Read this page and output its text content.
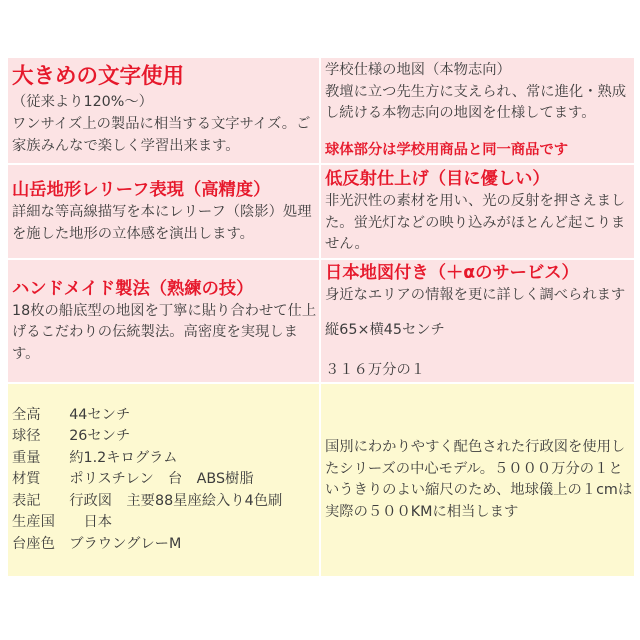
大きめの文字使用
（従来より120%～）
ワンサイズ上の製品に相当する文字サイズ。ご
家族みんなで楽しく学習出来ます。
学校仕様の地図（本物志向）
教壇に立つ先生方に支えられ、常に進化・熟成
し続ける本物志向の地図を仕様してます。
球体部分は学校用商品と同一商品です
山岳地形レリーフ表現（高精度）
詳細な等高線描写を本にレリーフ（陰影）処理
を施した地形の立体感を演出します。
低反射仕上げ（目に優しい）
非光沢性の素材を用い、光の反射を押さえまし
た。蛍光灯などの映り込みがほとんど起こりま
せん。
ハンドメイド製法（熟練の技）
18枚の船底型の地図を丁寧に貼り合わせて仕上
げるこだわりの伝統製法。高密度を実現しま
す。
日本地図付き（＋αのサービス）
身近なエリアの情報を更に詳しく調べられます
縦65×横45センチ
３１６万分の１
全高 44センチ
球径 26センチ
重量 約1.2キログラム
材質 ポリスチレン　台　ABS樹脂
表記 行政図　主要88星座絵入り4色刷
生産国 日本
台座色 ブラウングレーM
国別にわかりやすく配色された行政図を使用し
たシリーズの中心モデル。５０００万分の１と
いうきりのよい縮尺のため、地球儀上の１cmは
実際の５００KMに相当します
